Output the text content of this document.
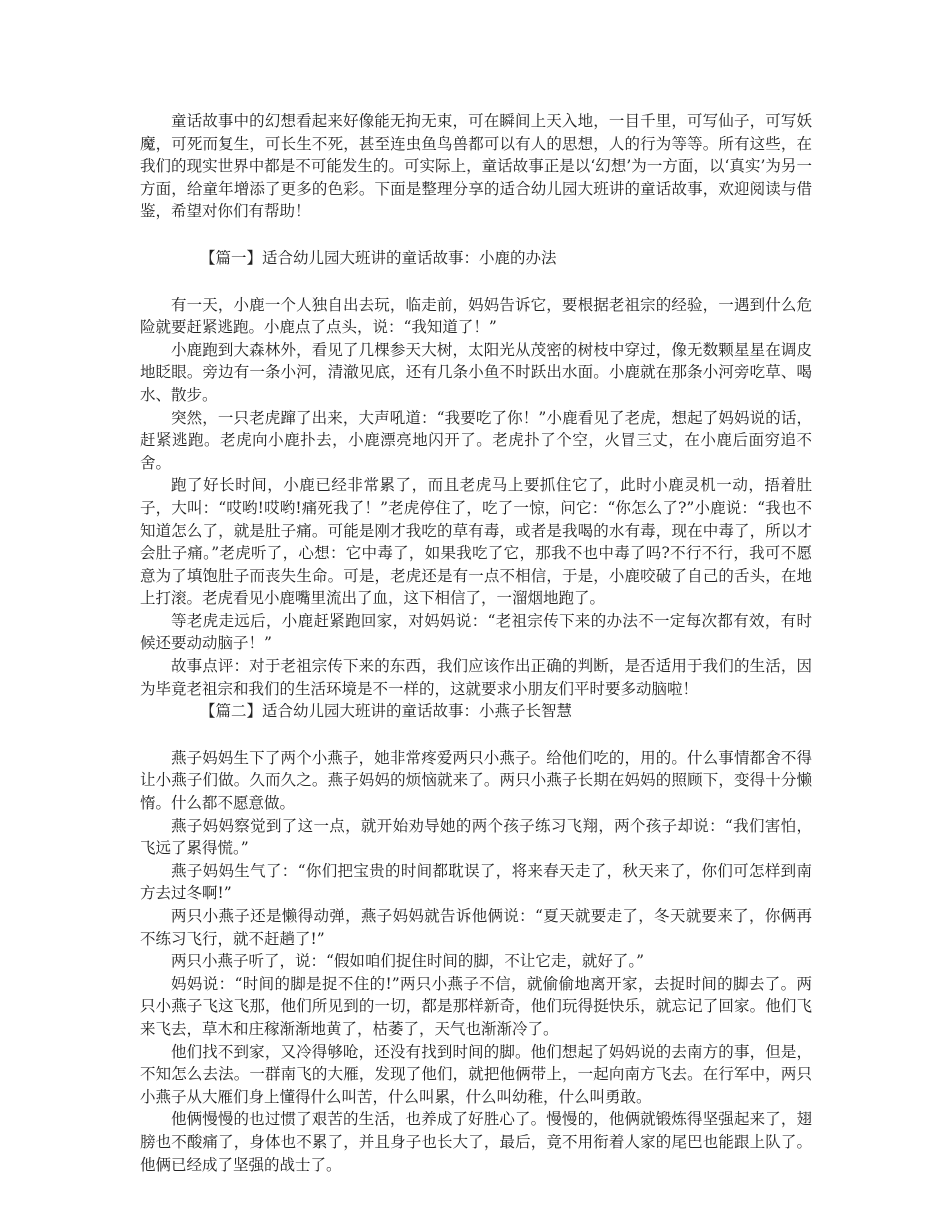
童话故事中的幻想看起来好像能无拘无束，可在瞬间上天入地，一目千里，可写仙子，可写妖魔，可死而复生，可长生不死，甚至连虫鱼鸟兽都可以有人的思想，人的行为等等。所有这些，在我们的现实世界中都是不可能发生的。可实际上，童话故事正是以‘幻想’为一方面，以‘真实’为另一方面，给童年增添了更多的色彩。下面是整理分享的适合幼儿园大班讲的童话故事，欢迎阅读与借鉴，希望对你们有帮助！

【篇一】适合幼儿园大班讲的童话故事：小鹿的办法

有一天，小鹿一个人独自出去玩，临走前，妈妈告诉它，要根据老祖宗的经验，一遇到什么危险就要赶紧逃跑。小鹿点了点头，说：“我知道了！”

小鹿跑到大森林外，看见了几棵参天大树，太阳光从茂密的树枝中穿过，像无数颗星星在调皮地眨眼。旁边有一条小河，清澈见底，还有几条小鱼不时跃出水面。小鹿就在那条小河旁吃草、喝水、散步。

突然，一只老虎蹿了出来，大声吼道：“我要吃了你！”小鹿看见了老虎，想起了妈妈说的话，赶紧逃跑。老虎向小鹿扑去，小鹿漂亮地闪开了。老虎扑了个空，火冒三丈，在小鹿后面穷追不舍。

跑了好长时间，小鹿已经非常累了，而且老虎马上要抓住它了，此时小鹿灵机一动，捂着肚子，大叫：“哎哟!哎哟!痛死我了！”老虎停住了，吃了一惊，问它：“你怎么了?”小鹿说：“我也不知道怎么了，就是肚子痛。可能是刚才我吃的草有毒，或者是我喝的水有毒，现在中毒了，所以才会肚子痛。”老虎听了，心想：它中毒了，如果我吃了它，那我不也中毒了吗?不行不行，我可不愿意为了填饱肚子而丧失生命。可是，老虎还是有一点不相信，于是，小鹿咬破了自己的舌头，在地上打滚。老虎看见小鹿嘴里流出了血，这下相信了，一溜烟地跑了。

等老虎走远后，小鹿赶紧跑回家，对妈妈说：“老祖宗传下来的办法不一定每次都有效，有时候还要动动脑子！”

故事点评：对于老祖宗传下来的东西，我们应该作出正确的判断，是否适用于我们的生活，因为毕竟老祖宗和我们的生活环境是不一样的，这就要求小朋友们平时要多动脑啦！

【篇二】适合幼儿园大班讲的童话故事：小燕子长智慧

燕子妈妈生下了两个小燕子，她非常疼爱两只小燕子。给他们吃的，用的。什么事情都舍不得让小燕子们做。久而久之。燕子妈妈的烦恼就来了。两只小燕子长期在妈妈的照顾下，变得十分懒惰。什么都不愿意做。

燕子妈妈察觉到了这一点，就开始劝导她的两个孩子练习飞翔，两个孩子却说：“我们害怕，飞远了累得慌。”

燕子妈妈生气了：“你们把宝贵的时间都耽误了，将来春天走了，秋天来了，你们可怎样到南方去过冬啊!”

两只小燕子还是懒得动弹，燕子妈妈就告诉他俩说：“夏天就要走了，冬天就要来了，你俩再不练习飞行，就不赶趟了!”

两只小燕子听了，说：“假如咱们捉住时间的脚，不让它走，就好了。”

妈妈说：“时间的脚是捉不住的!”两只小燕子不信，就偷偷地离开家，去捉时间的脚去了。两只小燕子飞这飞那，他们所见到的一切，都是那样新奇，他们玩得挺快乐，就忘记了回家。他们飞来飞去，草木和庄稼渐渐地黄了，枯萎了，天气也渐渐冷了。

他们找不到家，又冷得够呛，还没有找到时间的脚。他们想起了妈妈说的去南方的事，但是，不知怎么去法。一群南飞的大雁，发现了他们，就把他俩带上，一起向南方飞去。在行军中，两只小燕子从大雁们身上懂得什么叫苦，什么叫累，什么叫幼稚，什么叫勇敢。

他俩慢慢的也过惯了艰苦的生活，也养成了好胜心了。慢慢的，他俩就锻炼得坚强起来了，翅膀也不酸痛了，身体也不累了，并且身子也长大了，最后，竟不用衔着人家的尾巴也能跟上队了。他俩已经成了坚强的战士了。
